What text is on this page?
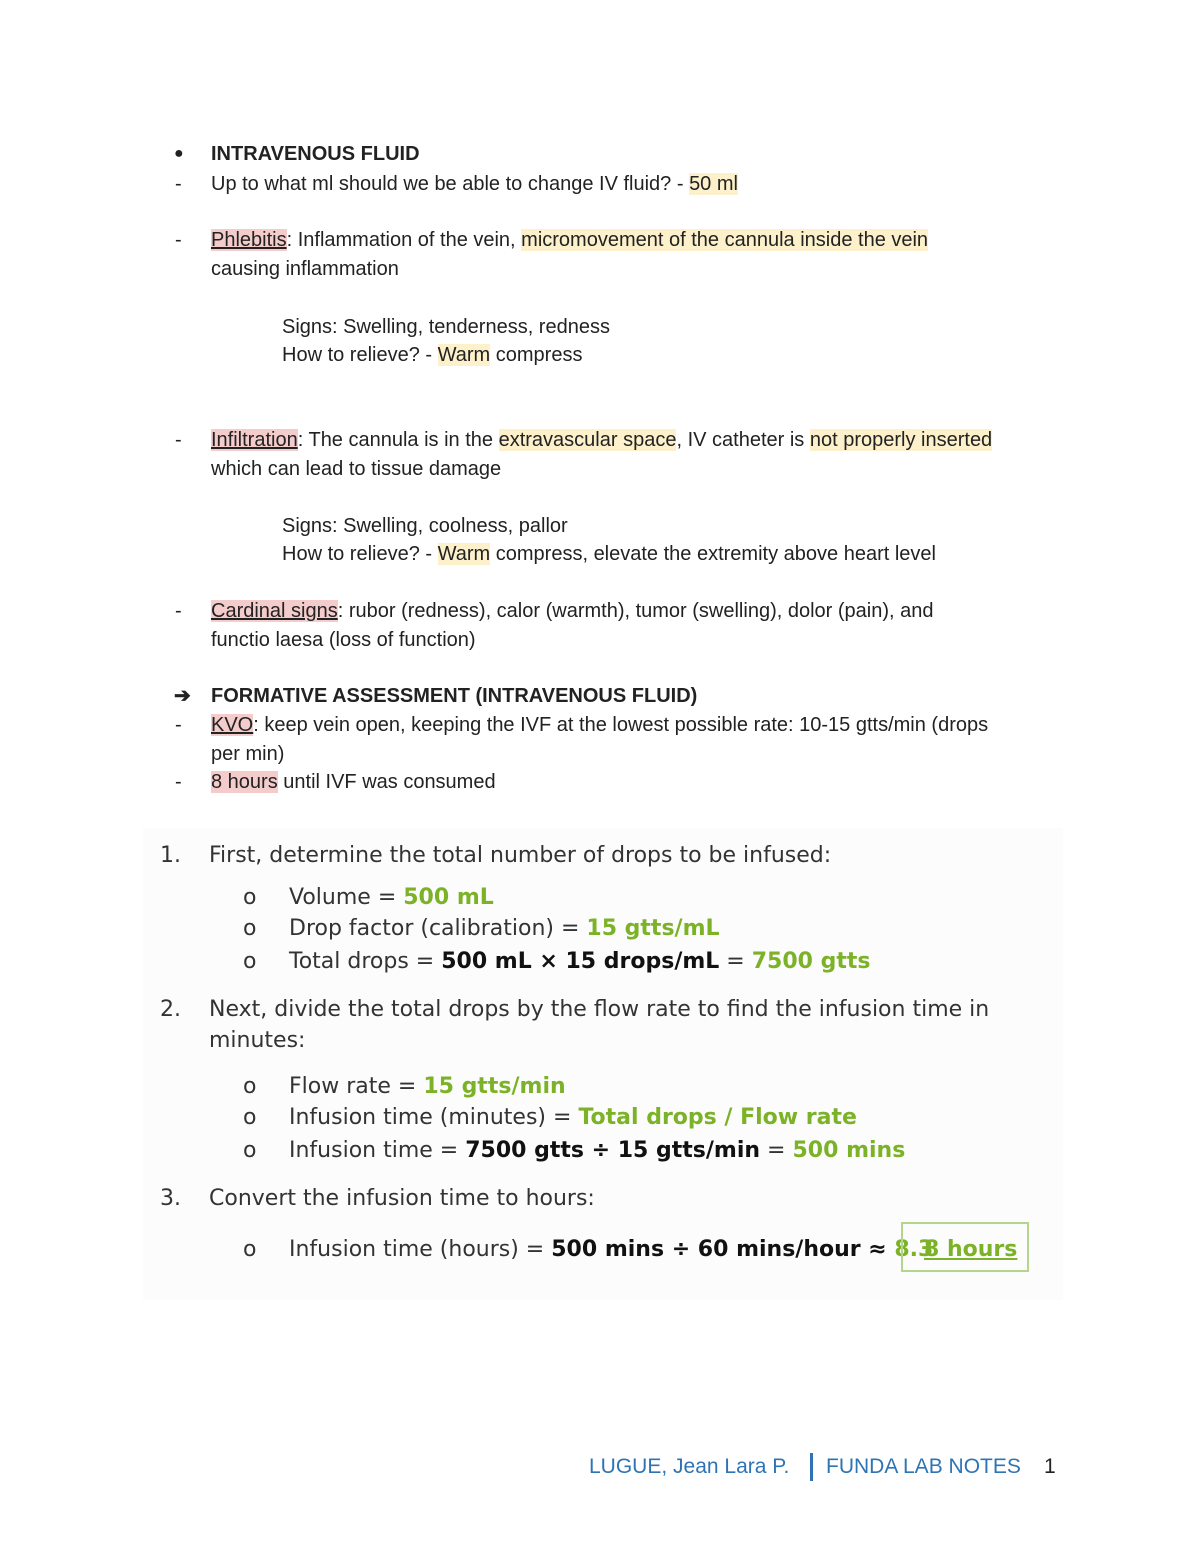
● INTRAVENOUS FLUID
- Up to what ml should we be able to change IV fluid? - 50 ml
- Phlebitis: Inflammation of the vein, micromovement of the cannula inside the vein
causing inflammation
Signs: Swelling, tenderness, redness
How to relieve? - Warm compress
- Infiltration: The cannula is in the extravascular space, IV catheter is not properly inserted
which can lead to tissue damage
Signs: Swelling, coolness, pallor
How to relieve? - Warm compress, elevate the extremity above heart level
- Cardinal signs: rubor (redness), calor (warmth), tumor (swelling), dolor (pain), and
functio laesa (loss of function)
➔ FORMATIVE ASSESSMENT (INTRAVENOUS FLUID)
- KVO: keep vein open, keeping the IVF at the lowest possible rate: 10-15 gtts/min (drops
per min)
- 8 hours until IVF was consumed
1. First, determine the total number of drops to be infused:
o Volume = 500 mL
o Drop factor (calibration) = 15 gtts/mL
o Total drops = 500 mL × 15 drops/mL = 7500 gtts
2. Next, divide the total drops by the flow rate to find the infusion time in
minutes:
o Flow rate = 15 gtts/min
o Infusion time (minutes) = Total drops / Flow rate
o Infusion time = 7500 gtts ÷ 15 gtts/min = 500 mins
3. Convert the infusion time to hours:
o Infusion time (hours) = 500 mins ÷ 60 mins/hour ≈ 8.3
8 hours
LUGUE, Jean Lara P. FUNDA LAB NOTES 1
